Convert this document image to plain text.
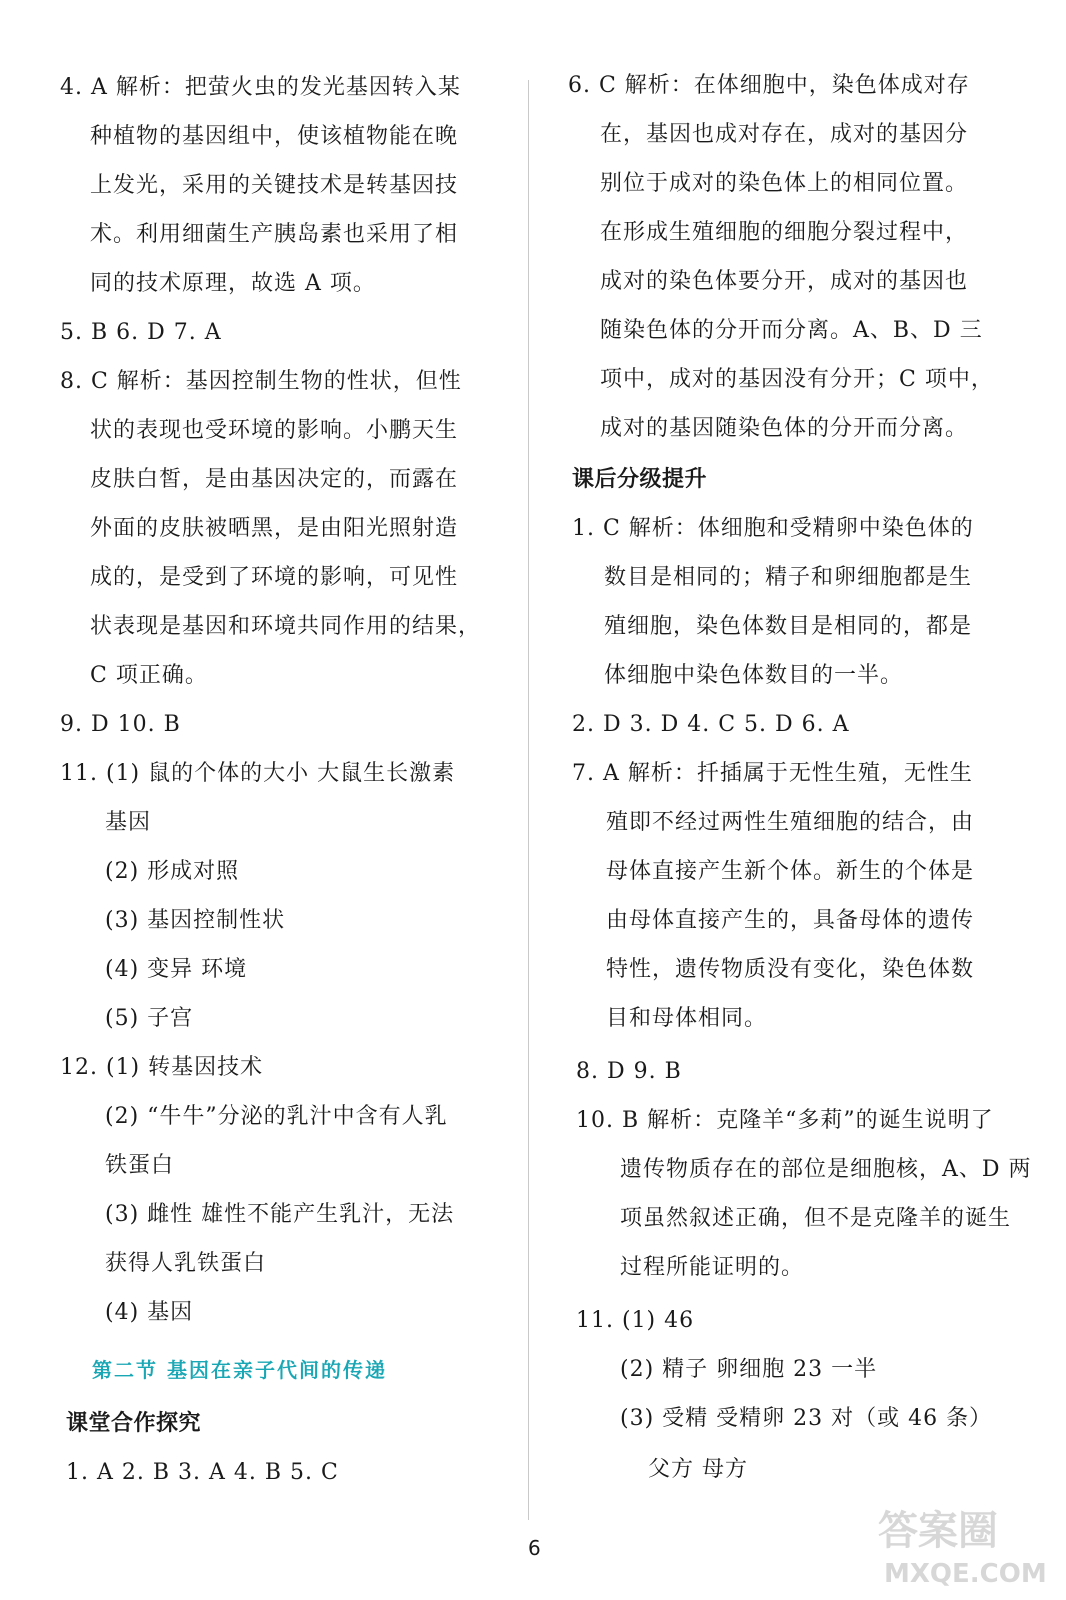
4. A 解析：把萤火虫的发光基因转入某
种植物的基因组中，使该植物能在晚
上发光，采用的关键技术是转基因技
术。利用细菌生产胰岛素也采用了相
同的技术原理，故选 A 项。
5. B 6. D 7. A
8. C 解析：基因控制生物的性状，但性
状的表现也受环境的影响。小鹏天生
皮肤白皙，是由基因决定的，而露在
外面的皮肤被晒黑，是由阳光照射造
成的，是受到了环境的影响，可见性
状表现是基因和环境共同作用的结果，
C 项正确。
9. D 10. B
11. (1) 鼠的个体的大小 大鼠生长激素
基因
(2) 形成对照
(3) 基因控制性状
(4) 变异 环境
(5) 子宫
12. (1) 转基因技术
(2) “牛牛”分泌的乳汁中含有人乳
铁蛋白
(3) 雌性 雄性不能产生乳汁，无法
获得人乳铁蛋白
(4) 基因
第二节 基因在亲子代间的传递
课堂合作探究
1. A 2. B 3. A 4. B 5. C
6. C 解析：在体细胞中，染色体成对存
在，基因也成对存在，成对的基因分
别位于成对的染色体上的相同位置。
在形成生殖细胞的细胞分裂过程中，
成对的染色体要分开，成对的基因也
随染色体的分开而分离。A、B、D 三
项中，成对的基因没有分开；C 项中，
成对的基因随染色体的分开而分离。
课后分级提升
1. C 解析：体细胞和受精卵中染色体的
数目是相同的；精子和卵细胞都是生
殖细胞，染色体数目是相同的，都是
体细胞中染色体数目的一半。
2. D 3. D 4. C 5. D 6. A
7. A 解析：扦插属于无性生殖，无性生
殖即不经过两性生殖细胞的结合，由
母体直接产生新个体。新生的个体是
由母体直接产生的，具备母体的遗传
特性，遗传物质没有变化，染色体数
目和母体相同。
8. D 9. B
10. B 解析：克隆羊“多莉”的诞生说明了
遗传物质存在的部位是细胞核，A、D 两
项虽然叙述正确，但不是克隆羊的诞生
过程所能证明的。
11. (1) 46
(2) 精子 卵细胞 23 一半
(3) 受精 受精卵 23 对（或 46 条）
父方 母方
6	答案圈
MXQE.COM
